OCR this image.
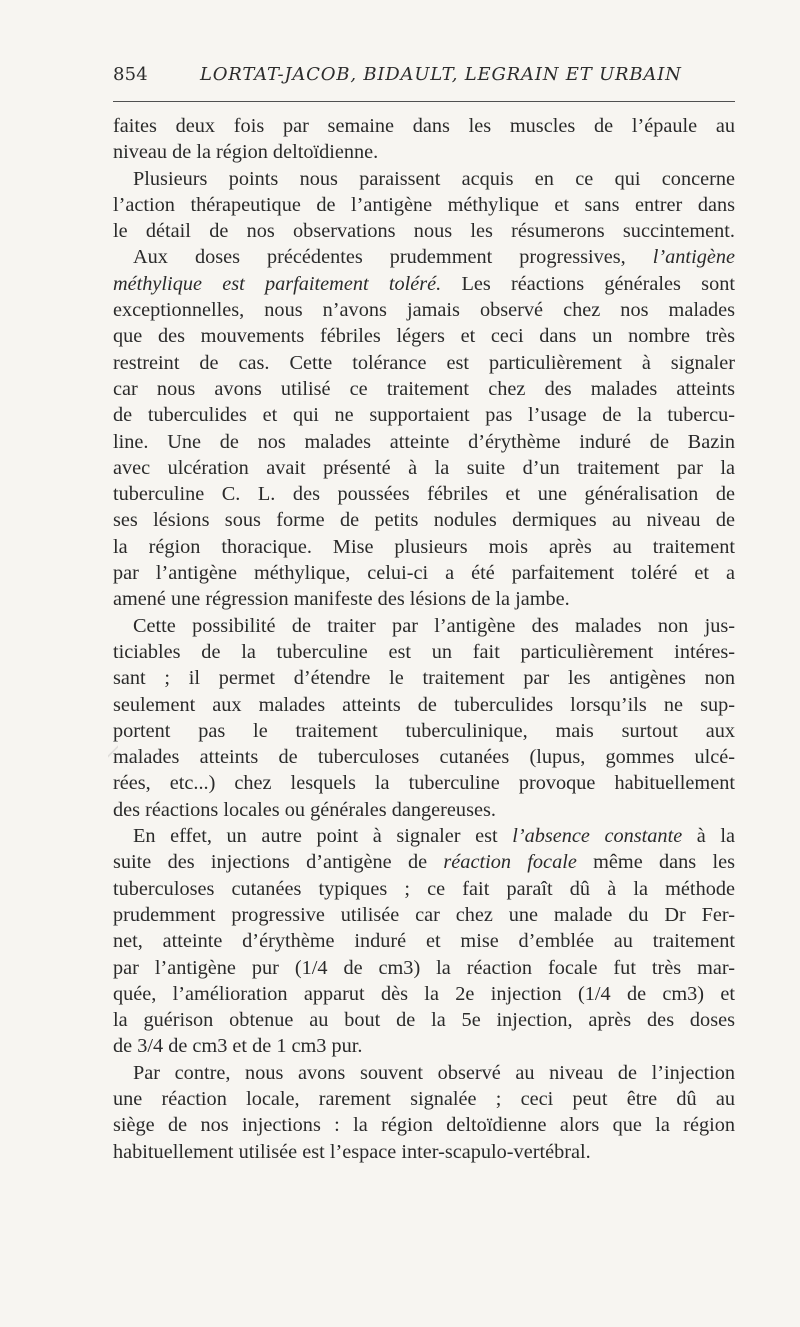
854	LORTAT-JACOB, BIDAULT, LEGRAIN ET URBAIN
faites deux fois par semaine dans les muscles de l’épaule au
niveau de la région deltoïdienne.
Plusieurs points nous paraissent acquis en ce qui concerne
l’action thérapeutique de l’antigène méthylique et sans entrer dans
le détail de nos observations nous les résumerons succintement.
Aux doses précédentes prudemment progressives, l’antigène
méthylique est parfaitement toléré. Les réactions générales sont
exceptionnelles, nous n’avons jamais observé chez nos malades
que des mouvements fébriles légers et ceci dans un nombre très
restreint de cas. Cette tolérance est particulièrement à signaler
car nous avons utilisé ce traitement chez des malades atteints
de tuberculides et qui ne supportaient pas l’usage de la tubercu-
line. Une de nos malades atteinte d’érythème induré de Bazin
avec ulcération avait présenté à la suite d’un traitement par la
tuberculine C. L. des poussées fébriles et une généralisation de
ses lésions sous forme de petits nodules dermiques au niveau de
la région thoracique. Mise plusieurs mois après au traitement
par l’antigène méthylique, celui-ci a été parfaitement toléré et a
amené une régression manifeste des lésions de la jambe.
Cette possibilité de traiter par l’antigène des malades non jus-
ticiables de la tuberculine est un fait particulièrement intéres-
sant ; il permet d’étendre le traitement par les antigènes non
seulement aux malades atteints de tuberculides lorsqu’ils ne sup-
portent pas le traitement tuberculinique, mais surtout aux
malades atteints de tuberculoses cutanées (lupus, gommes ulcé-
rées, etc...) chez lesquels la tuberculine provoque habituellement
des réactions locales ou générales dangereuses.
En effet, un autre point à signaler est l’absence constante à la
suite des injections d’antigène de réaction focale même dans les
tuberculoses cutanées typiques ; ce fait paraît dû à la méthode
prudemment progressive utilisée car chez une malade du Dr Fer-
net, atteinte d’érythème induré et mise d’emblée au traitement
par l’antigène pur (1/4 de cm3) la réaction focale fut très mar-
quée, l’amélioration apparut dès la 2e injection (1/4 de cm3) et
la guérison obtenue au bout de la 5e injection, après des doses
de 3/4 de cm3 et de 1 cm3 pur.
Par contre, nous avons souvent observé au niveau de l’injection
une réaction locale, rarement signalée ; ceci peut être dû au
siège de nos injections : la région deltoïdienne alors que la région
habituellement utilisée est l’espace inter-scapulo-vertébral.
